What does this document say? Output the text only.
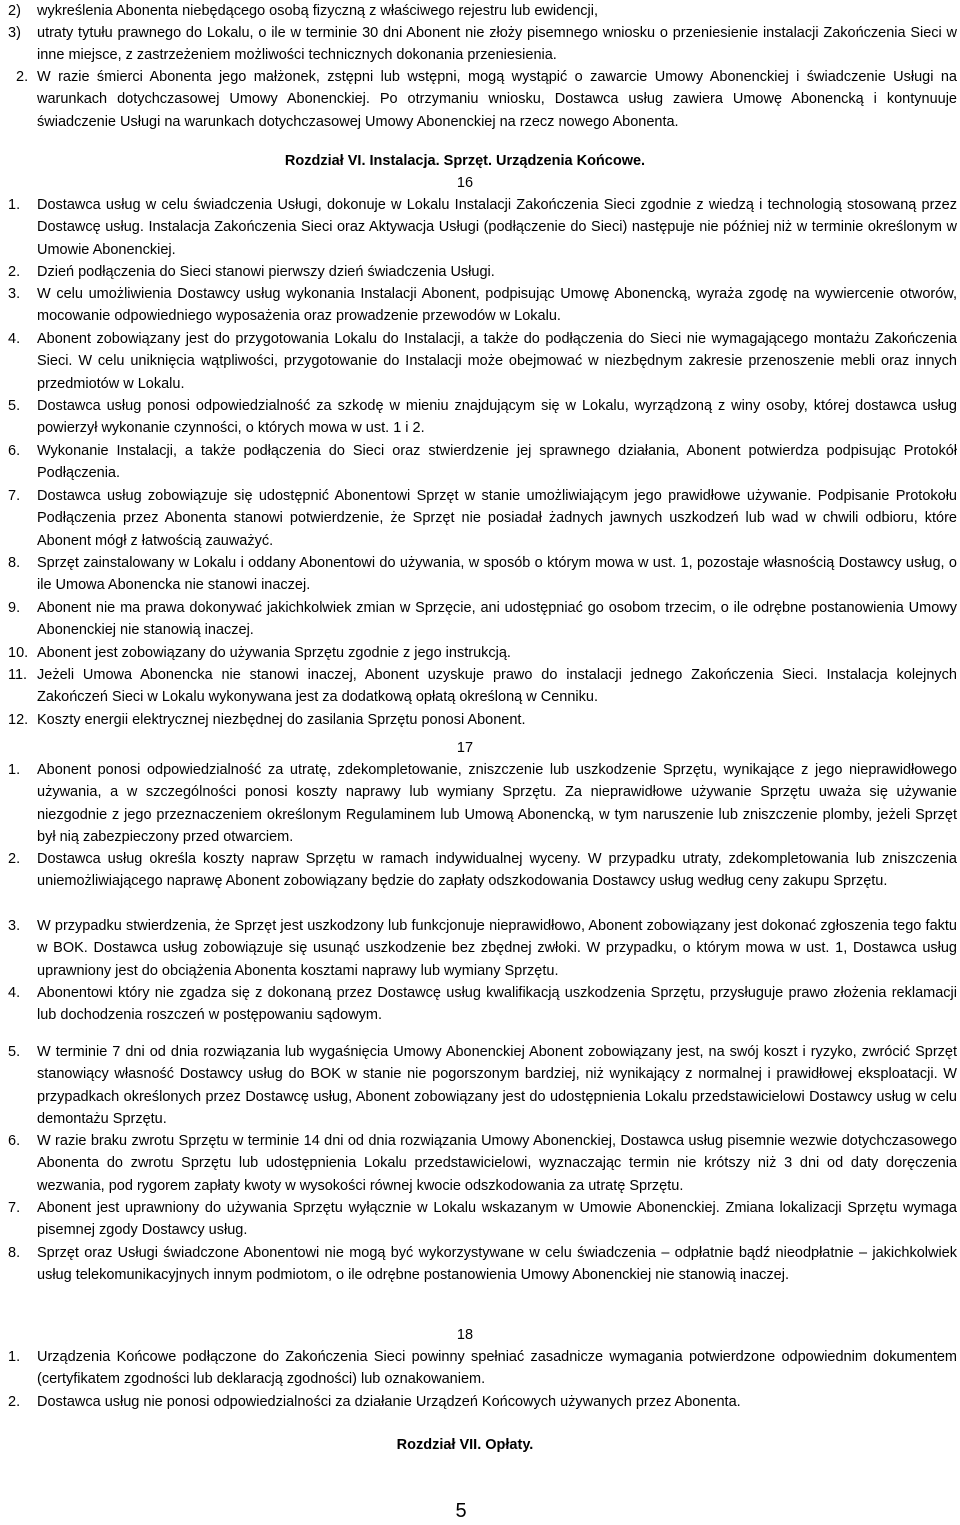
2) wykreślenia Abonenta niebędącego osobą fizyczną z właściwego rejestru lub ewidencji,
3) utraty tytułu prawnego do Lokalu, o ile w terminie 30 dni Abonent nie złoży pisemnego wniosku o przeniesienie instalacji Zakończenia Sieci w inne miejsce, z zastrzeżeniem możliwości technicznych dokonania przeniesienia.
2. W razie śmierci Abonenta jego małżonek, zstępni lub wstępni, mogą wystąpić o zawarcie Umowy Abonenckiej i świadczenie Usługi na warunkach dotychczasowej Umowy Abonenckiej. Po otrzymaniu wniosku, Dostawca usług zawiera Umowę Abonencką i kontynuuje świadczenie Usługi na warunkach dotychczasowej Umowy Abonenckiej na rzecz nowego Abonenta.
Rozdział VI. Instalacja. Sprzęt. Urządzenia Końcowe.
16
1. Dostawca usług w celu świadczenia Usługi, dokonuje w Lokalu Instalacji Zakończenia Sieci zgodnie z wiedzą i technologią stosowaną przez Dostawcę usług. Instalacja Zakończenia Sieci oraz Aktywacja Usługi (podłączenie do Sieci) następuje nie później niż w terminie określonym w Umowie Abonenckiej.
2. Dzień podłączenia do Sieci stanowi pierwszy dzień świadczenia Usługi.
3. W celu umożliwienia Dostawcy usług wykonania Instalacji Abonent, podpisując Umowę Abonencką, wyraża zgodę na wywiercenie otworów, mocowanie odpowiedniego wyposażenia oraz prowadzenie przewodów w Lokalu.
4. Abonent zobowiązany jest do przygotowania Lokalu do Instalacji, a także do podłączenia do Sieci nie wymagającego montażu Zakończenia Sieci. W celu uniknięcia wątpliwości, przygotowanie do Instalacji może obejmować w niezbędnym zakresie przenoszenie mebli oraz innych przedmiotów w Lokalu.
5. Dostawca usług ponosi odpowiedzialność za szkodę w mieniu znajdującym się w Lokalu, wyrządzoną z winy osoby, której dostawca usług powierzył wykonanie czynności, o których mowa w ust. 1 i 2.
6. Wykonanie Instalacji, a także podłączenia do Sieci oraz stwierdzenie jej sprawnego działania, Abonent potwierdza podpisując Protokół Podłączenia.
7. Dostawca usług zobowiązuje się udostępnić Abonentowi Sprzęt w stanie umożliwiającym jego prawidłowe używanie. Podpisanie Protokołu Podłączenia przez Abonenta stanowi potwierdzenie, że Sprzęt nie posiadał żadnych jawnych uszkodzeń lub wad w chwili odbioru, które Abonent mógł z łatwością zauważyć.
8. Sprzęt zainstalowany w Lokalu i oddany Abonentowi do używania, w sposób o którym mowa w ust. 1, pozostaje własnością Dostawcy usług, o ile Umowa Abonencka nie stanowi inaczej.
9. Abonent nie ma prawa dokonywać jakichkolwiek zmian w Sprzęcie, ani udostępniać go osobom trzecim, o ile odrębne postanowienia Umowy Abonenckiej nie stanowią inaczej.
10. Abonent jest zobowiązany do używania Sprzętu zgodnie z jego instrukcją.
11. Jeżeli Umowa Abonencka nie stanowi inaczej, Abonent uzyskuje prawo do instalacji jednego Zakończenia Sieci. Instalacja kolejnych Zakończeń Sieci w Lokalu wykonywana jest za dodatkową opłatą określoną w Cenniku.
12. Koszty energii elektrycznej niezbędnej do zasilania Sprzętu ponosi Abonent.
17
1. Abonent ponosi odpowiedzialność za utratę, zdekompletowanie, zniszczenie lub uszkodzenie Sprzętu, wynikające z jego nieprawidłowego używania, a w szczególności ponosi koszty naprawy lub wymiany Sprzętu. Za nieprawidłowe używanie Sprzętu uważa się używanie niezgodnie z jego przeznaczeniem określonym Regulaminem lub Umową Abonencką, w tym naruszenie lub zniszczenie plomby, jeżeli Sprzęt był nią zabezpieczony przed otwarciem.
2. Dostawca usług określa koszty napraw Sprzętu w ramach indywidualnej wyceny. W przypadku utraty, zdekompletowania lub zniszczenia uniemożliwiającego naprawę Abonent zobowiązany będzie do zapłaty odszkodowania Dostawcy usług według ceny zakupu Sprzętu.
3. W przypadku stwierdzenia, że Sprzęt jest uszkodzony lub funkcjonuje nieprawidłowo, Abonent zobowiązany jest dokonać zgłoszenia tego faktu w BOK. Dostawca usług zobowiązuje się usunąć uszkodzenie bez zbędnej zwłoki. W przypadku, o którym mowa w ust. 1, Dostawca usług uprawniony jest do obciążenia Abonenta kosztami naprawy lub wymiany Sprzętu.
4. Abonentowi który nie zgadza się z dokonaną przez Dostawcę usług kwalifikacją uszkodzenia Sprzętu, przysługuje prawo złożenia reklamacji lub dochodzenia roszczeń w postępowaniu sądowym.
5. W terminie 7 dni od dnia rozwiązania lub wygaśnięcia Umowy Abonenckiej Abonent zobowiązany jest, na swój koszt i ryzyko, zwrócić Sprzęt stanowiący własność Dostawcy usług do BOK w stanie nie pogorszonym bardziej, niż wynikający z normalnej i prawidłowej eksploatacji. W przypadkach określonych przez Dostawcę usług, Abonent zobowiązany jest do udostępnienia Lokalu przedstawicielowi Dostawcy usług w celu demontażu Sprzętu.
6. W razie braku zwrotu Sprzętu w terminie 14 dni od dnia rozwiązania Umowy Abonenckiej, Dostawca usług pisemnie wezwie dotychczasowego Abonenta do zwrotu Sprzętu lub udostępnienia Lokalu przedstawicielowi, wyznaczając termin nie krótszy niż 3 dni od daty doręczenia wezwania, pod rygorem zapłaty kwoty w wysokości równej kwocie odszkodowania za utratę Sprzętu.
7. Abonent jest uprawniony do używania Sprzętu wyłącznie w Lokalu wskazanym w Umowie Abonenckiej. Zmiana lokalizacji Sprzętu wymaga pisemnej zgody Dostawcy usług.
8. Sprzęt oraz Usługi świadczone Abonentowi nie mogą być wykorzystywane w celu świadczenia – odpłatnie bądź nieodpłatnie – jakichkolwiek usług telekomunikacyjnych innym podmiotom, o ile odrębne postanowienia Umowy Abonenckiej nie stanowią inaczej.
18
1. Urządzenia Końcowe podłączone do Zakończenia Sieci powinny spełniać zasadnicze wymagania potwierdzone odpowiednim dokumentem (certyfikatem zgodności lub deklaracją zgodności) lub oznakowaniem.
2. Dostawca usług nie ponosi odpowiedzialności za działanie Urządzeń Końcowych używanych przez Abonenta.
Rozdział VII. Opłaty.
5
